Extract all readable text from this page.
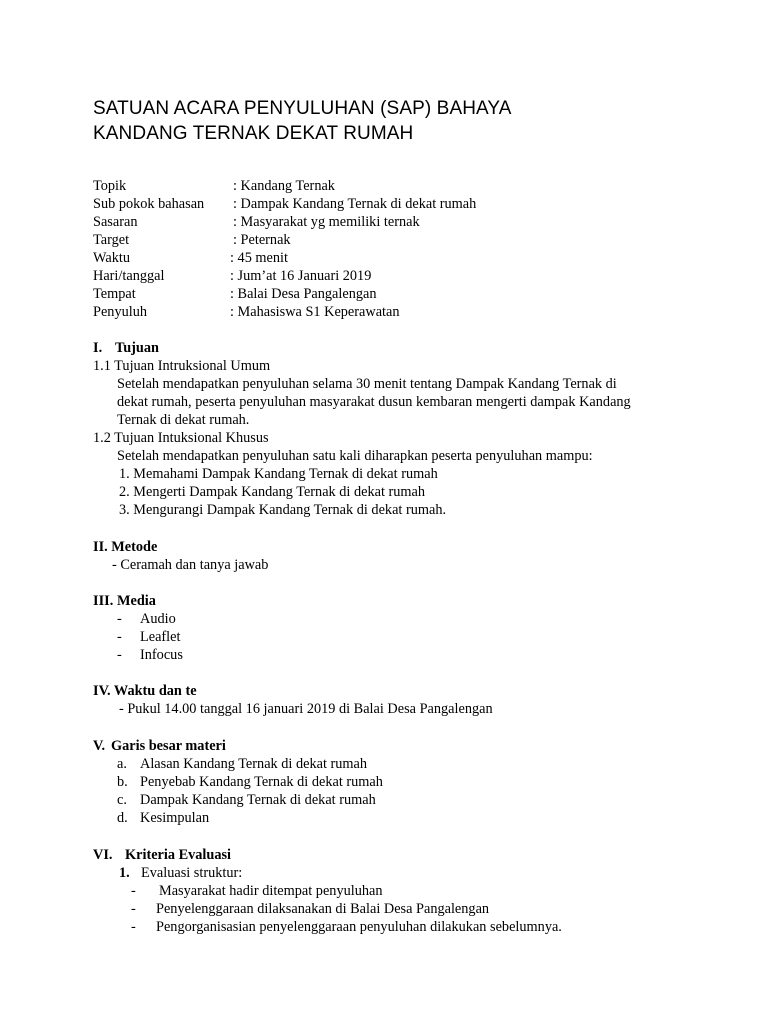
SATUAN ACARA PENYULUHAN (SAP) BAHAYA
KANDANG TERNAK DEKAT RUMAH
Topik	: Kandang Ternak
Sub pokok bahasan : Dampak Kandang Ternak di dekat rumah
Sasaran	: Masyarakat yg memiliki ternak
Target	: Peternak
Waktu	: 45 menit
Hari/tanggal	: Jum’at 16 Januari 2019
Tempat	: Balai Desa Pangalengan
Penyuluh	: Mahasiswa S1 Keperawatan
I. Tujuan
1.1 Tujuan Intruksional Umum
Setelah mendapatkan penyuluhan selama 30 menit tentang Dampak Kandang Ternak di
dekat rumah, peserta penyuluhan masyarakat dusun kembaran mengerti dampak Kandang
Ternak di dekat rumah.
1.2 Tujuan Intuksional Khusus
Setelah mendapatkan penyuluhan satu kali diharapkan peserta penyuluhan mampu:
1. Memahami Dampak Kandang Ternak di dekat rumah
2. Mengerti Dampak Kandang Ternak di dekat rumah
3. Mengurangi Dampak Kandang Ternak di dekat rumah.
II. Metode
- Ceramah dan tanya jawab
III. Media
- Audio
- Leaflet
- Infocus
IV. Waktu dan te
- Pukul 14.00 tanggal 16 januari 2019 di Balai Desa Pangalengan
V. Garis besar materi
a. Alasan Kandang Ternak di dekat rumah
b. Penyebab Kandang Ternak di dekat rumah
c. Dampak Kandang Ternak di dekat rumah
d. Kesimpulan
VI. Kriteria Evaluasi
1. Evaluasi struktur:
- Masyarakat hadir ditempat penyuluhan
- Penyelenggaraan dilaksanakan di Balai Desa Pangalengan
- Pengorganisasian penyelenggaraan penyuluhan dilakukan sebelumnya.
